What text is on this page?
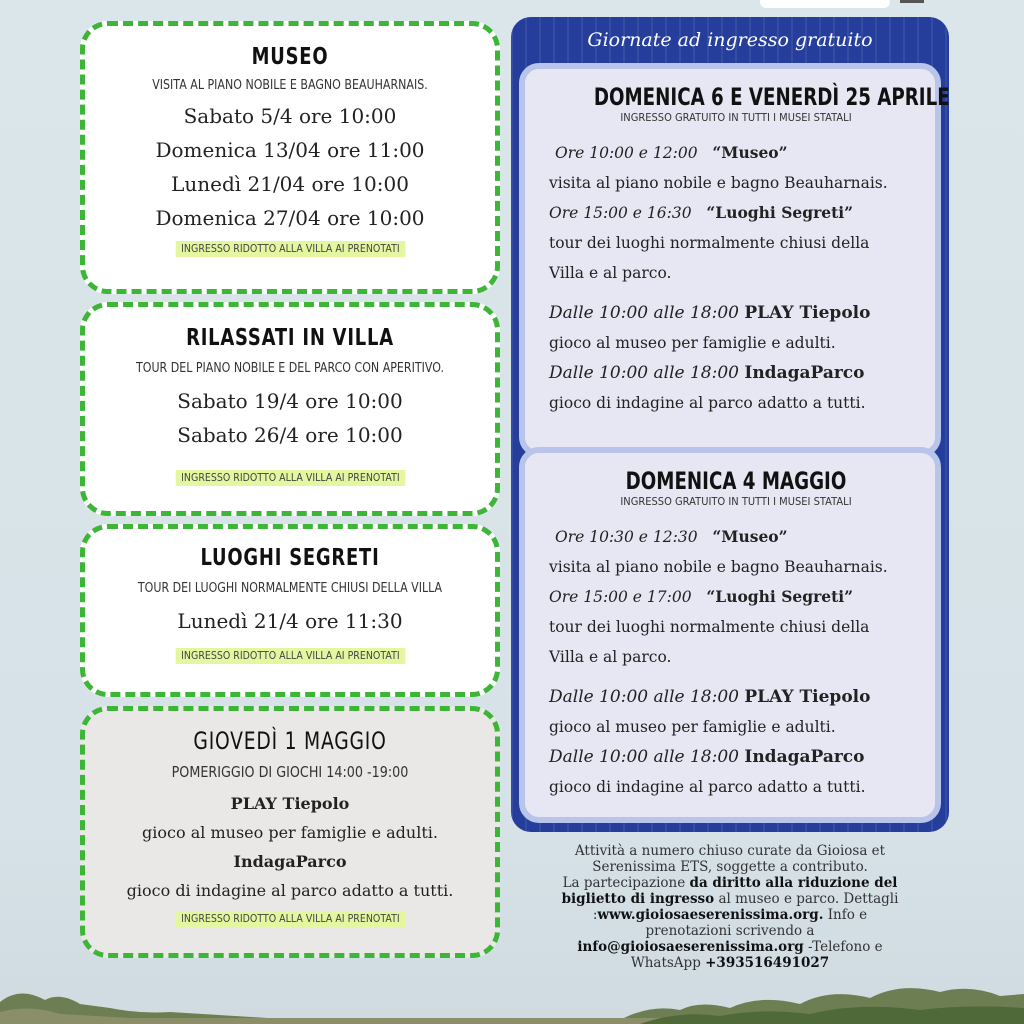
MUSEO

VISITA AL PIANO NOBILE E BAGNO BEAUHARNAIS.

Sabato 5/4 ore 10:00

Domenica 13/04 ore 11:00

Lunedì 21/04 ore 10:00

Domenica 27/04 ore 10:00

INGRESSO RIDOTTO ALLA VILLA AI PRENOTATI

RILASSATI IN VILLA

TOUR DEL PIANO NOBILE E DEL PARCO CON APERITIVO.

Sabato 19/4 ore 10:00

Sabato 26/4 ore 10:00

INGRESSO RIDOTTO ALLA VILLA AI PRENOTATI

LUOGHI SEGRETI

TOUR DEI LUOGHI NORMALMENTE CHIUSI DELLA VILLA

Lunedì 21/4 ore 11:30

INGRESSO RIDOTTO ALLA VILLA AI PRENOTATI

GIOVEDÌ 1 MAGGIO

POMERIGGIO DI GIOCHI 14:00 -19:00

PLAY Tiepolo

gioco al museo per famiglie e adulti.

IndagaParco

gioco di indagine al parco adatto a tutti.

INGRESSO RIDOTTO ALLA VILLA AI PRENOTATI
Giornate ad ingresso gratuito

DOMENICA 6 E VENERDÌ 25 APRILE

INGRESSO GRATUITO IN TUTTI I MUSEI STATALI

Ore 10:00 e 12:00 “Museo”

visita al piano nobile e bagno Beauharnais.

Ore 15:00 e 16:30 “Luoghi Segreti”

tour dei luoghi normalmente chiusi della

Villa e al parco.

Dalle 10:00 alle 18:00 PLAY Tiepolo

gioco al museo per famiglie e adulti.

Dalle 10:00 alle 18:00 IndagaParco

gioco di indagine al parco adatto a tutti.

DOMENICA 4 MAGGIO

INGRESSO GRATUITO IN TUTTI I MUSEI STATALI

Ore 10:30 e 12:30 “Museo”

visita al piano nobile e bagno Beauharnais.

Ore 15:00 e 17:00 “Luoghi Segreti”

tour dei luoghi normalmente chiusi della

Villa e al parco.

Dalle 10:00 alle 18:00 PLAY Tiepolo

gioco al museo per famiglie e adulti.

Dalle 10:00 alle 18:00 IndagaParco

gioco di indagine al parco adatto a tutti.

Attività a numero chiuso curate da Gioiosa et
Serenissima ETS, soggette a contributo.
La partecipazione da diritto alla riduzione del
biglietto di ingresso al museo e parco. Dettagli
:www.gioiosaeserenissima.org. Info e
prenotazioni scrivendo a
info@gioiosaeserenissima.org -Telefono e
WhatsApp +393516491027
